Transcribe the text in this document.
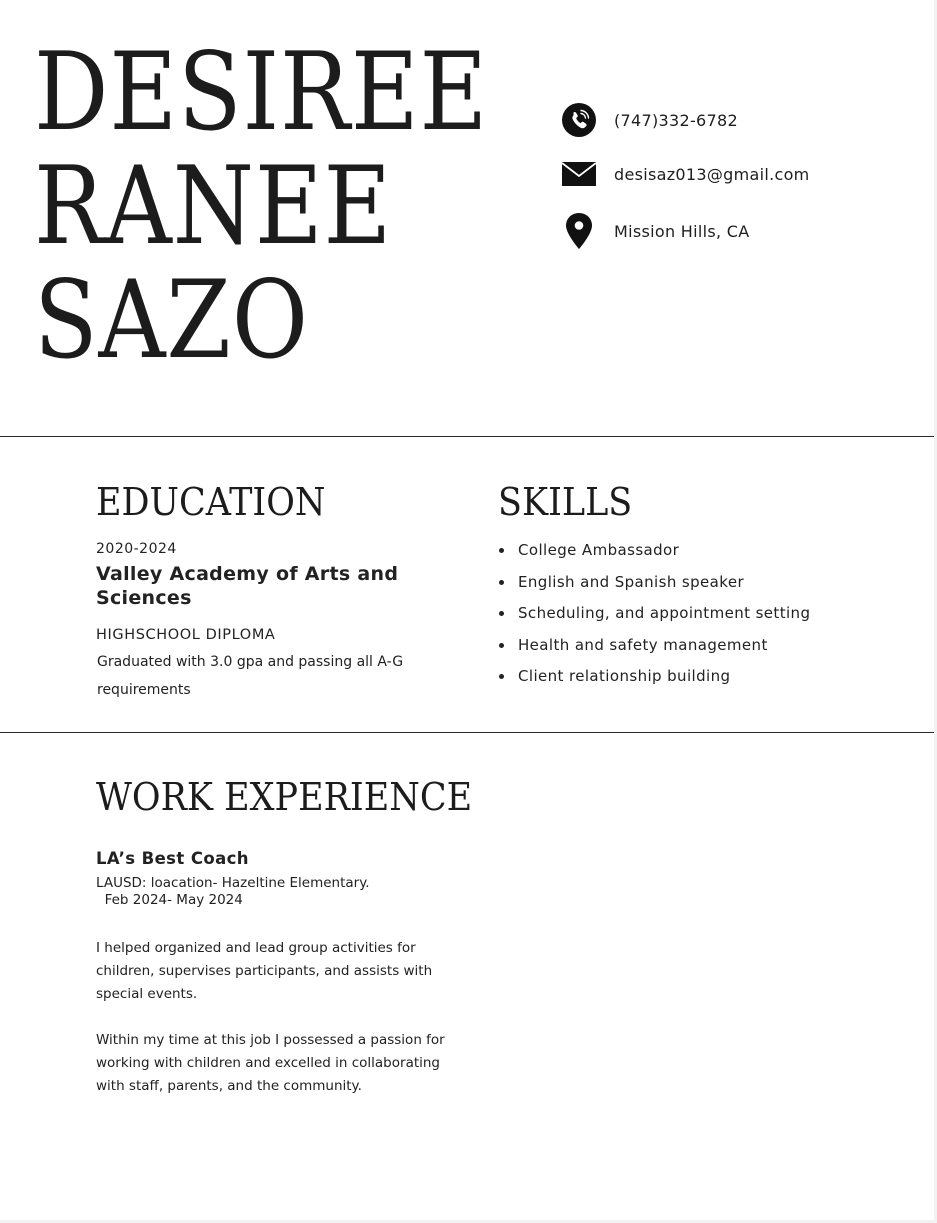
DESIREE
RANEE
SAZO
(747)332-6782
desisaz013@gmail.com
Mission Hills, CA
EDUCATION
2020-2024
Valley Academy of Arts and Sciences
HIGHSCHOOL DIPLOMA
Graduated with 3.0 gpa and passing all A-G requirements
SKILLS
College Ambassador
English and Spanish speaker
Scheduling, and appointment setting
Health and safety management
Client relationship building
WORK EXPERIENCE
LA’s Best Coach
LAUSD: loacation- Hazeltine Elementary.
Feb 2024- May 2024
I helped organized and lead group activities for children, supervises participants, and assists with special events.
Within my time at this job I possessed a passion for working with children and excelled in collaborating with staff, parents, and the community.
